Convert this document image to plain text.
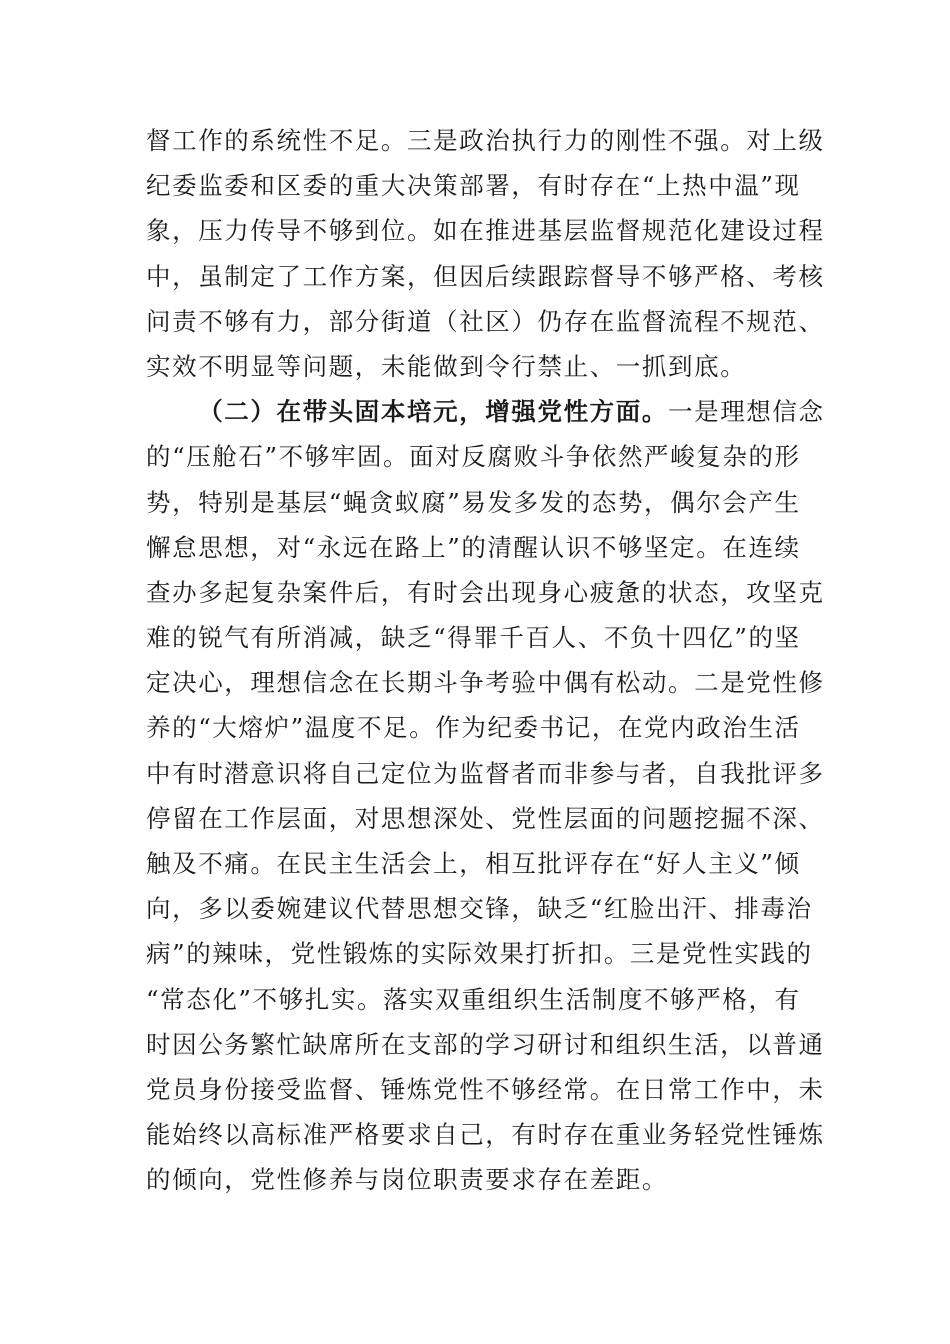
督工作的系统性不足。三是政治执行力的刚性不强。对上级
纪委监委和区委的重大决策部署，有时存在“上热中温”现
象，压力传导不够到位。如在推进基层监督规范化建设过程
中，虽制定了工作方案，但因后续跟踪督导不够严格、考核
问责不够有力，部分街道（社区）仍存在监督流程不规范、
实效不明显等问题，未能做到令行禁止、一抓到底。
（二）在带头固本培元，增强党性方面。一是理想信念
的“压舱石”不够牢固。面对反腐败斗争依然严峻复杂的形
势，特别是基层“蝇贪蚁腐”易发多发的态势，偶尔会产生
懈怠思想，对“永远在路上”的清醒认识不够坚定。在连续
查办多起复杂案件后，有时会出现身心疲惫的状态，攻坚克
难的锐气有所消减，缺乏“得罪千百人、不负十四亿”的坚
定决心，理想信念在长期斗争考验中偶有松动。二是党性修
养的“大熔炉”温度不足。作为纪委书记，在党内政治生活
中有时潜意识将自己定位为监督者而非参与者，自我批评多
停留在工作层面，对思想深处、党性层面的问题挖掘不深、
触及不痛。在民主生活会上，相互批评存在“好人主义”倾
向，多以委婉建议代替思想交锋，缺乏“红脸出汗、排毒治
病”的辣味，党性锻炼的实际效果打折扣。三是党性实践的
“常态化”不够扎实。落实双重组织生活制度不够严格，有
时因公务繁忙缺席所在支部的学习研讨和组织生活，以普通
党员身份接受监督、锤炼党性不够经常。在日常工作中，未
能始终以高标准严格要求自己，有时存在重业务轻党性锤炼
的倾向，党性修养与岗位职责要求存在差距。
